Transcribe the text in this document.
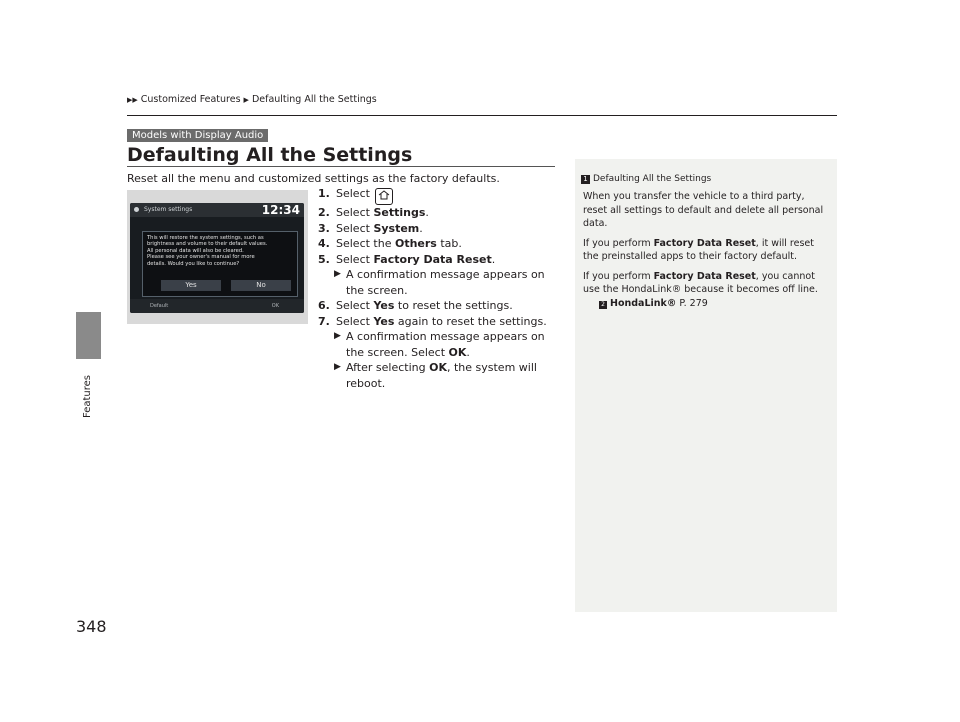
▶▶ Customized Features ▶ Defaulting All the Settings
Features
348
Models with Display Audio
Defaulting All the Settings
Reset all the menu and customized settings as the factory defaults.
System settings	12:34
This will restore the system settings, such as
brightness and volume to their default values.
All personal data will also be cleared.
Please see your owner's manual for more
details. Would you like to continue?
Yes	No
Default	OK
1. Select
2. Select Settings.
3. Select System.
4. Select the Others tab.
5. Select Factory Data Reset.
▶ A confirmation message appears on the screen.
6. Select Yes to reset the settings.
7. Select Yes again to reset the settings.
▶ A confirmation message appears on the screen. Select OK.
▶ After selecting OK, the system will reboot.
1 Defaulting All the Settings

When you transfer the vehicle to a third party, reset all settings to default and delete all personal data.

If you perform Factory Data Reset, it will reset the preinstalled apps to their factory default.

If you perform Factory Data Reset, you cannot use the HondaLink® because it becomes off line.

2 HondaLink® P. 279
